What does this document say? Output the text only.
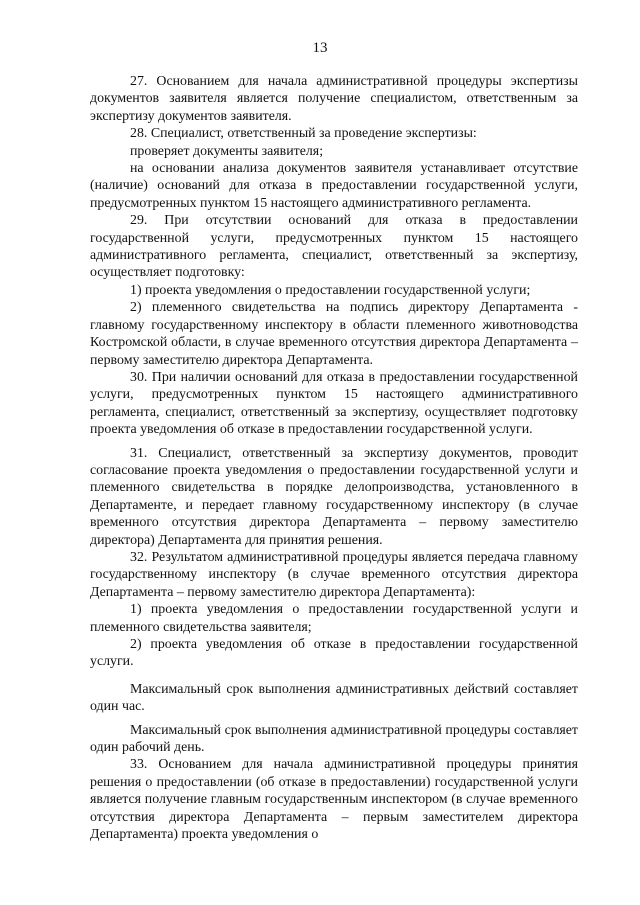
13

27. Основанием для начала административной процедуры экспертизы документов заявителя является получение специалистом, ответственным за экспертизу документов заявителя.

28. Специалист, ответственный за проведение экспертизы:

проверяет документы заявителя;

на основании анализа документов заявителя устанавливает отсутствие (наличие) оснований для отказа в предоставлении государственной услуги, предусмотренных пунктом 15 настоящего административного регламента.

29. При отсутствии оснований для отказа в предоставлении государственной услуги, предусмотренных пунктом 15 настоящего административного регламента, специалист, ответственный за экспертизу, осуществляет подготовку:

1) проекта уведомления о предоставлении государственной услуги;

2) племенного свидетельства на подпись директору Департамента - главному государственному инспектору в области племенного животноводства Костромской области, в случае временного отсутствия директора Департамента –первому заместителю директора Департамента.

30. При наличии оснований для отказа в предоставлении государственной услуги, предусмотренных пунктом 15 настоящего административного регламента, специалист, ответственный за экспертизу, осуществляет подготовку проекта уведомления об отказе в предоставлении государственной услуги.

31. Специалист, ответственный за экспертизу документов, проводит согласование проекта уведомления о предоставлении государственной услуги и племенного свидетельства в порядке делопроизводства, установленного в Департаменте, и передает главному государственному инспектору (в случае временного отсутствия директора Департамента – первому заместителю директора) Департамента для принятия решения.

32. Результатом административной процедуры является передача главному государственному инспектору (в случае временного отсутствия директора Департамента – первому заместителю директора Департамента):

1) проекта уведомления о предоставлении государственной услуги и племенного свидетельства заявителя;

2) проекта уведомления об отказе в предоставлении государственной услуги.

Максимальный срок выполнения административных действий составляет один час.

Максимальный срок выполнения административной процедуры составляет один рабочий день.

33. Основанием для начала административной процедуры принятия решения о предоставлении (об отказе в предоставлении) государственной услуги является получение главным государственным инспектором (в случае временного отсутствия директора Департамента – первым заместителем директора Департамента) проекта уведомления о
